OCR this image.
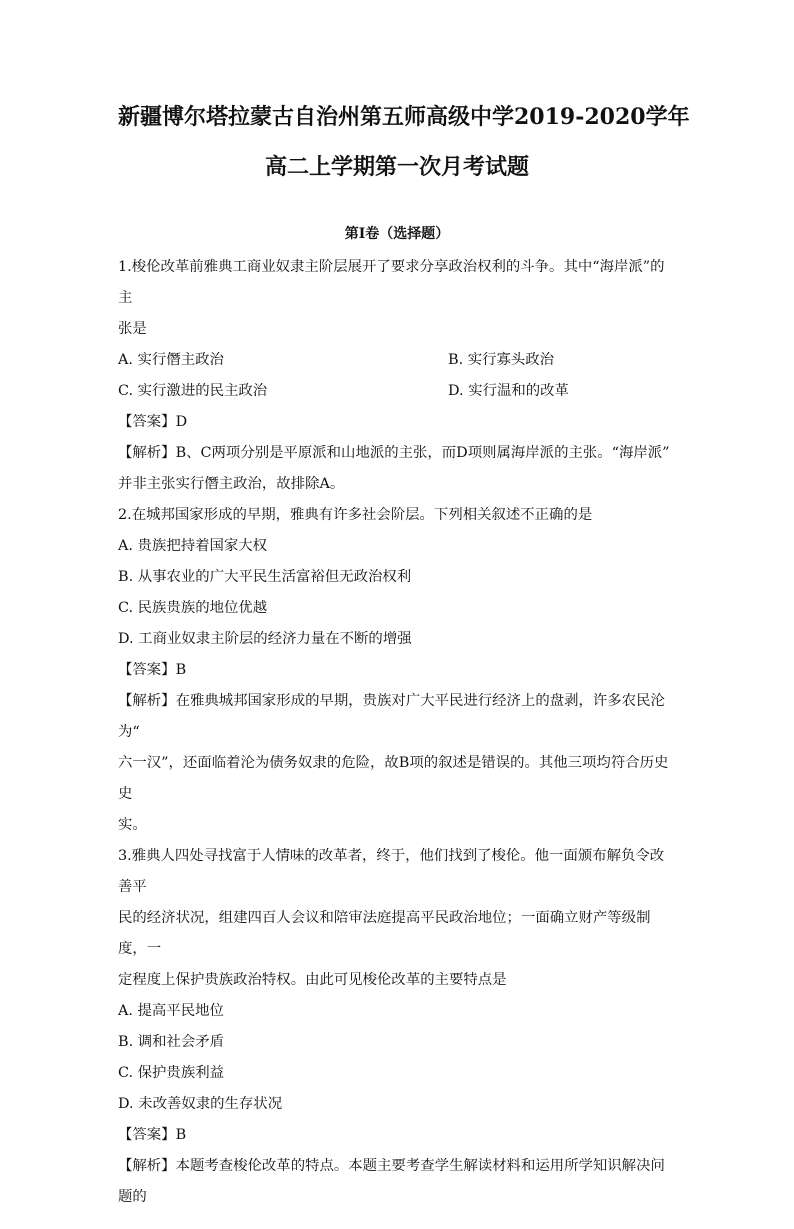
新疆博尔塔拉蒙古自治州第五师高级中学2019-2020学年
高二上学期第一次月考试题
第I卷（选择题）

1.梭伦改革前雅典工商业奴隶主阶层展开了要求分享政治权利的斗争。其中“海岸派”的主

张是

A. 实行僭主政治	B. 实行寡头政治

C. 实行激进的民主政治	D. 实行温和的改革

【答案】D

【解析】B、C两项分别是平原派和山地派的主张，而D项则属海岸派的主张。“海岸派”

并非主张实行僭主政治，故排除A。

2.在城邦国家形成的早期，雅典有许多社会阶层。下列相关叙述不正确的是

A. 贵族把持着国家大权

B. 从事农业的广大平民生活富裕但无政治权利

C. 民族贵族的地位优越

D. 工商业奴隶主阶层的经济力量在不断的增强

【答案】B

【解析】在雅典城邦国家形成的早期，贵族对广大平民进行经济上的盘剥，许多农民沦为“

六一汉”，还面临着沦为债务奴隶的危险，故B项的叙述是错误的。其他三项均符合历史史

实。

3.雅典人四处寻找富于人情味的改革者，终于，他们找到了梭伦。他一面颁布解负令改善平

民的经济状况，组建四百人会议和陪审法庭提高平民政治地位；一面确立财产等级制度，一

定程度上保护贵族政治特权。由此可见梭伦改革的主要特点是

A. 提高平民地位

B. 调和社会矛盾

C. 保护贵族利益

D. 未改善奴隶的生存状况

【答案】B

【解析】本题考查梭伦改革的特点。本题主要考查学生解读材料和运用所学知识解决问题的
